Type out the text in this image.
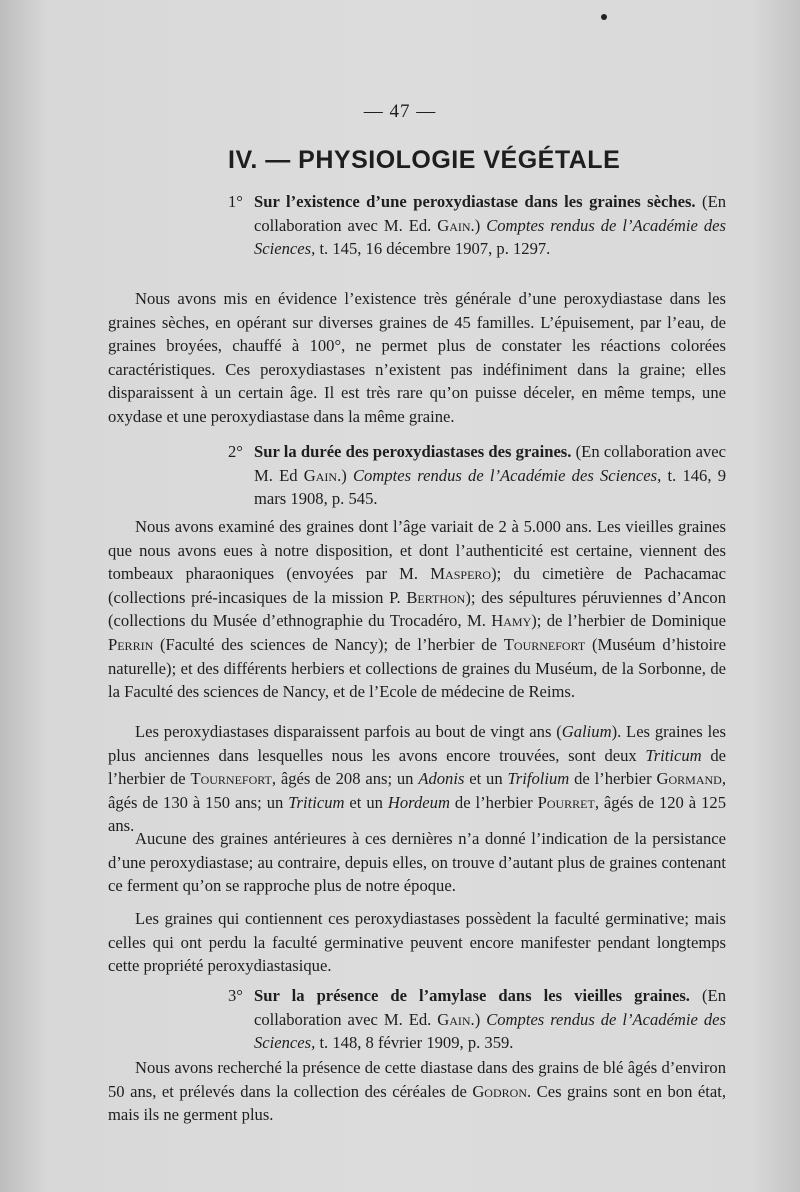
— 47 —
IV. — PHYSIOLOGIE VÉGÉTALE

1° Sur l’existence d’une peroxydiastase dans les graines sèches. (En collaboration avec M. Ed. Gain.) Comptes rendus de l’Académie des Sciences, t. 145, 16 décembre 1907, p. 1297.

Nous avons mis en évidence l’existence très générale d’une peroxydiastase dans les graines sèches, en opérant sur diverses graines de 45 familles. L’épuisement, par l’eau, de graines broyées, chauffé à 100°, ne permet plus de constater les réactions colorées caractéristiques. Ces peroxydiastases n’existent pas indéfiniment dans la graine; elles disparaissent à un certain âge. Il est très rare qu’on puisse déceler, en même temps, une oxydase et une peroxydiastase dans la même graine.

2° Sur la durée des peroxydiastases des graines. (En collaboration avec M. Ed Gain.) Comptes rendus de l’Académie des Sciences, t. 146, 9 mars 1908, p. 545.

Nous avons examiné des graines dont l’âge variait de 2 à 5.000 ans. Les vieilles graines que nous avons eues à notre disposition, et dont l’authenticité est certaine, viennent des tombeaux pharaoniques (envoyées par M. Maspero); du cimetière de Pachacamac (collections pré-incasiques de la mission P. Berthon); des sépultures péruviennes d’Ancon (collections du Musée d’ethnographie du Trocadéro, M. Hamy); de l’herbier de Dominique Perrin (Faculté des sciences de Nancy); de l’herbier de Tournefort (Muséum d’histoire naturelle); et des différents herbiers et collections de graines du Muséum, de la Sorbonne, de la Faculté des sciences de Nancy, et de l’Ecole de médecine de Reims.

Les peroxydiastases disparaissent parfois au bout de vingt ans (Galium). Les graines les plus anciennes dans lesquelles nous les avons encore trouvées, sont deux Triticum de l’herbier de Tournefort, âgés de 208 ans; un Adonis et un Trifolium de l’herbier Gormand, âgés de 130 à 150 ans; un Triticum et un Hordeum de l’herbier Pourret, âgés de 120 à 125 ans.

Aucune des graines antérieures à ces dernières n’a donné l’indication de la persistance d’une peroxydiastase; au contraire, depuis elles, on trouve d’autant plus de graines contenant ce ferment qu’on se rapproche plus de notre époque.

Les graines qui contiennent ces peroxydiastases possèdent la faculté germinative; mais celles qui ont perdu la faculté germinative peuvent encore manifester pendant longtemps cette propriété peroxydiastasique.

3° Sur la présence de l’amylase dans les vieilles graines. (En collaboration avec M. Ed. Gain.) Comptes rendus de l’Académie des Sciences, t. 148, 8 février 1909, p. 359.

Nous avons recherché la présence de cette diastase dans des grains de blé âgés d’environ 50 ans, et prélevés dans la collection des céréales de Godron. Ces grains sont en bon état, mais ils ne germent plus.
